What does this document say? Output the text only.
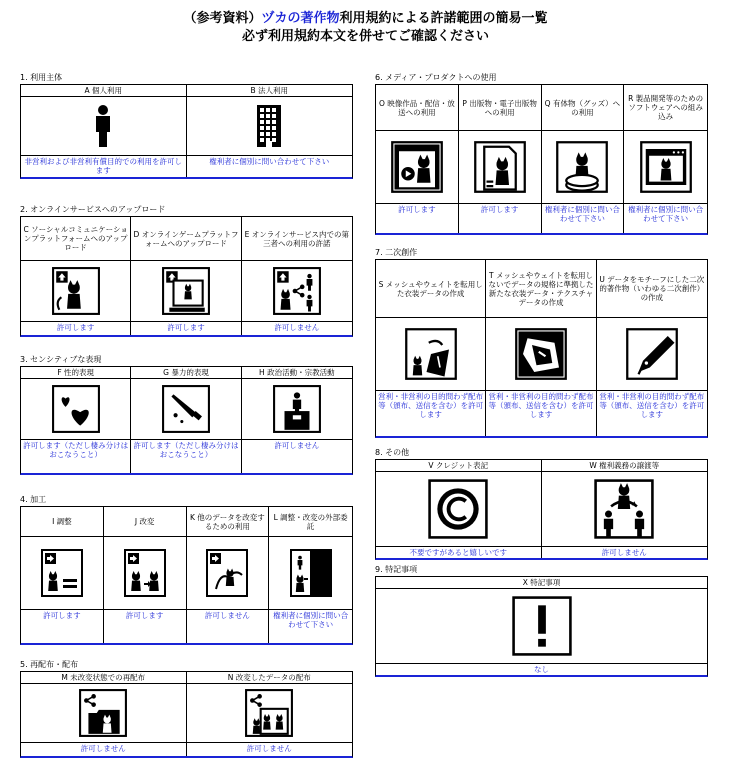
（参考資料）ヅカの著作物利用規約による許諾範囲の簡易一覧
必ず利用規約本文を併せてご確認ください
1. 利用主体
A 個人利用
非営利および非営利有償目的での利用を許可します
B 法人利用
権利者に個別に問い合わせて下さい
2. オンラインサービスへのアップロード
C ソーシャルコミュニケーションプラットフォームへのアップロード
許可します
D オンラインゲームプラットフォームへのアップロード
許可します
E オンラインサービス内での第三者への利用の許諾
許可しません
3. センシティブな表現
F 性的表現
許可します（ただし棲み分けはおこなうこと）
G 暴力的表現
許可します（ただし棲み分けはおこなうこと）
H 政治活動・宗教活動
許可しません
4. 加工
I 調整
許可します
J 改変
許可します
K 他のデータを改変するための利用
許可しません
L 調整・改変の外部委託
権利者に個別に問い合わせて下さい
5. 再配布・配布
M 未改変状態での再配布
許可しません
N 改変したデータの配布
許可しません
6. メディア・プロダクトへの使用
O 映像作品・配信・放送への利用
許可します
P 出版物・電子出版物への利用
許可します
Q 有体物（グッズ）への利用
権利者に個別に問い合わせて下さい
R 製品開発等のためのソフトウェアへの組み込み
権利者に個別に問い合わせて下さい
7. 二次創作
S メッシュやウェイトを転用した衣装データの作成
営利・非営利の目的問わず配布等（頒布、送信を含む）を許可します
T メッシュやウェイトを転用しないでデータの規格に準拠した新たな衣装データ・テクスチャデータの作成
営利・非営利の目的問わず配布等（頒布、送信を含む）を許可します
U データをモチーフにした二次的著作物（いわゆる二次創作）の作成
営利・非営利の目的問わず配布等（頒布、送信を含む）を許可します
8. その他
V クレジット表記
不要ですがあると嬉しいです
W 権利義務の譲渡等
許可しません
9. 特記事項
X 特記事項
なし
